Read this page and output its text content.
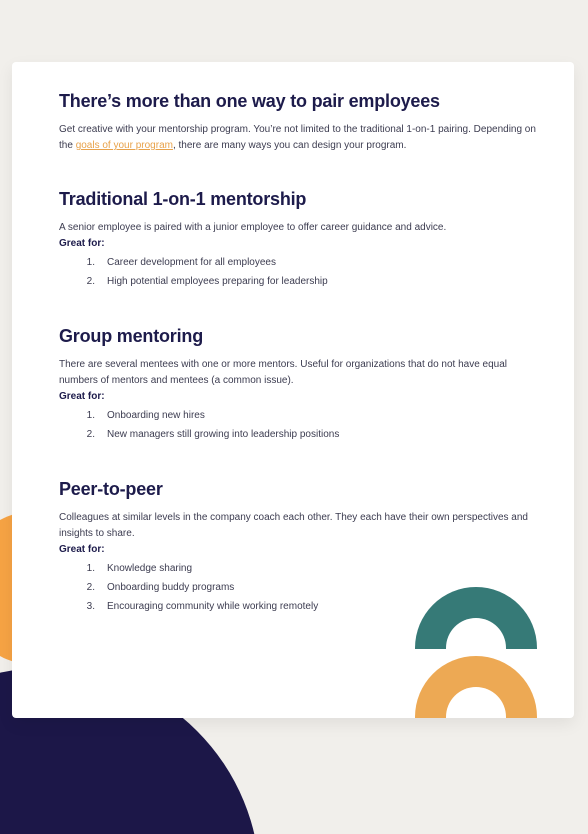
There’s more than one way to pair employees

Get creative with your mentorship program. You’re not limited to the traditional 1-on-1 pairing. Depending on the goals of your program, there are many ways you can design your program.

Traditional 1-on-1 mentorship

A senior employee is paired with a junior employee to offer career guidance and advice.

Great for:
1.	Career development for all employees
2.	High potential employees preparing for leadership
Group mentoring

There are several mentees with one or more mentors. Useful for organizations that do not have equal numbers of mentors and mentees (a common issue).

Great for:
1.	Onboarding new hires
2.	New managers still growing into leadership positions
Peer-to-peer

Colleagues at similar levels in the company coach each other. They each have their own perspectives and insights to share.

Great for:
1.	Knowledge sharing
2.	Onboarding buddy programs
3.	Encouraging community while working remotely
